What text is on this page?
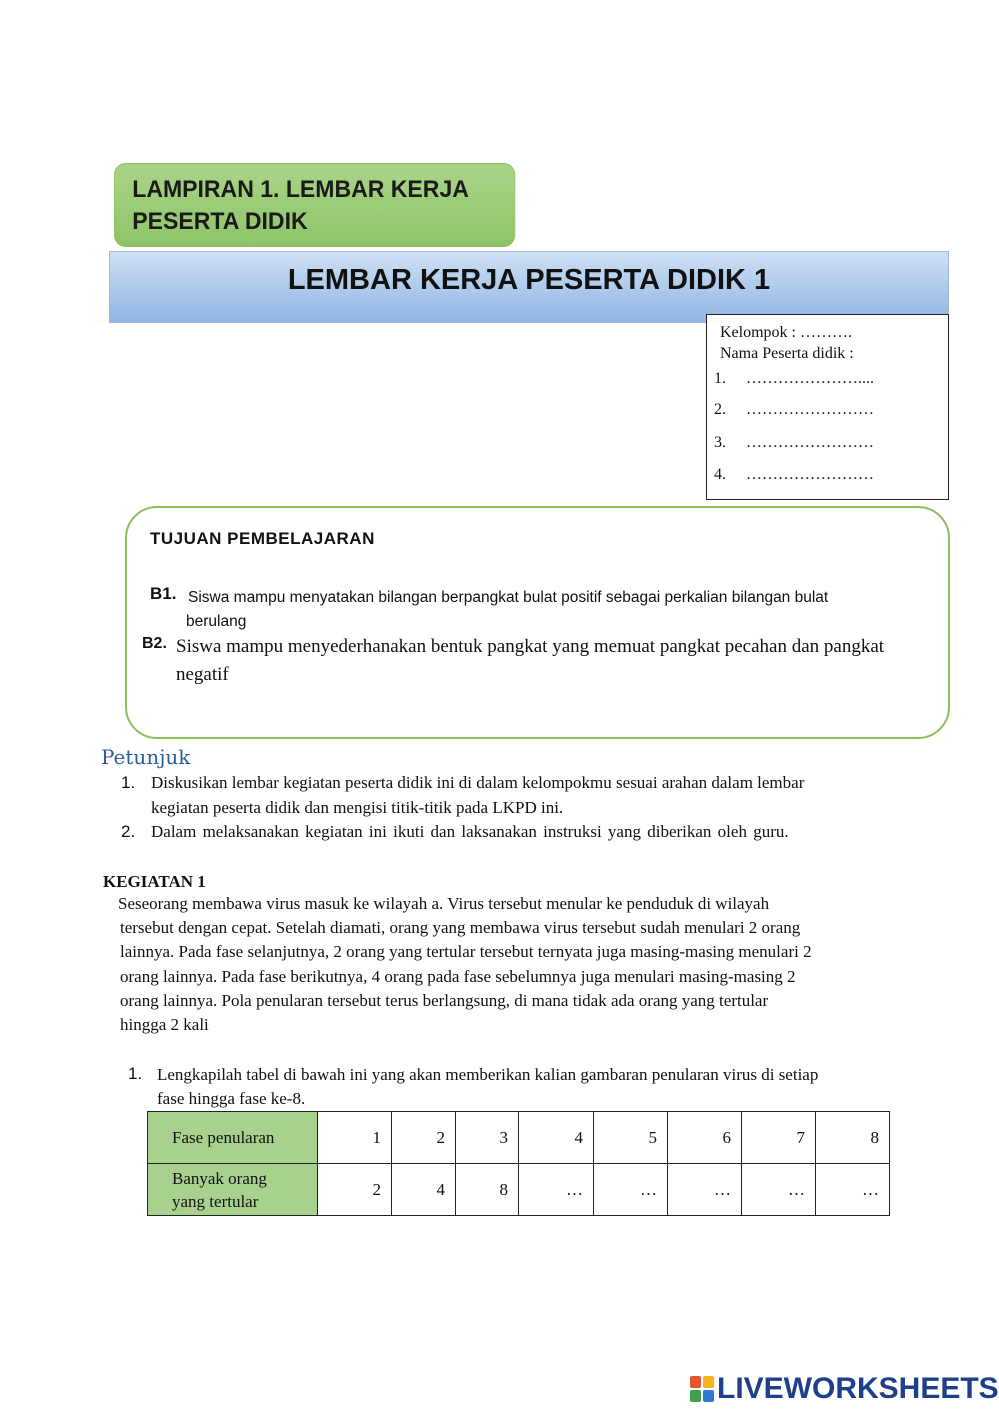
LAMPIRAN 1. LEMBAR KERJA
PESERTA DIDIK
LEMBAR KERJA PESERTA DIDIK 1
Kelompok : ……….
Nama Peserta didik :
1. …………………....
2. ……………………
3. ……………………
4. ……………………
TUJUAN PEMBELAJARAN
B1. Siswa mampu menyatakan bilangan berpangkat bulat positif sebagai perkalian bilangan bulat
berulang
B2. Siswa mampu menyederhanakan bentuk pangkat yang memuat pangkat pecahan dan pangkat negatif
Petunjuk
1. Diskusikan lembar kegiatan peserta didik ini di dalam kelompokmu sesuai arahan dalam lembar
kegiatan peserta didik dan mengisi titik-titik pada LKPD ini.
2. Dalam melaksanakan kegiatan ini ikuti dan laksanakan instruksi yang diberikan oleh guru.
KEGIATAN 1
Seseorang membawa virus masuk ke wilayah a. Virus tersebut menular ke penduduk di wilayah
tersebut dengan cepat. Setelah diamati, orang yang membawa virus tersebut sudah menulari 2 orang
lainnya. Pada fase selanjutnya, 2 orang yang tertular tersebut ternyata juga masing-masing menulari 2
orang lainnya. Pada fase berikutnya, 4 orang pada fase sebelumnya juga menulari masing-masing 2
orang lainnya. Pola penularan tersebut terus berlangsung, di mana tidak ada orang yang tertular
hingga 2 kali
1. Lengkapilah tabel di bawah ini yang akan memberikan kalian gambaran penularan virus di setiap
fase hingga fase ke-8.
Fase penularan	1	2	3	4	5	6	7	8

Banyak orang
yang tertular	2	4	8	…	…	…	…	…
LIVEWORKSHEETS
